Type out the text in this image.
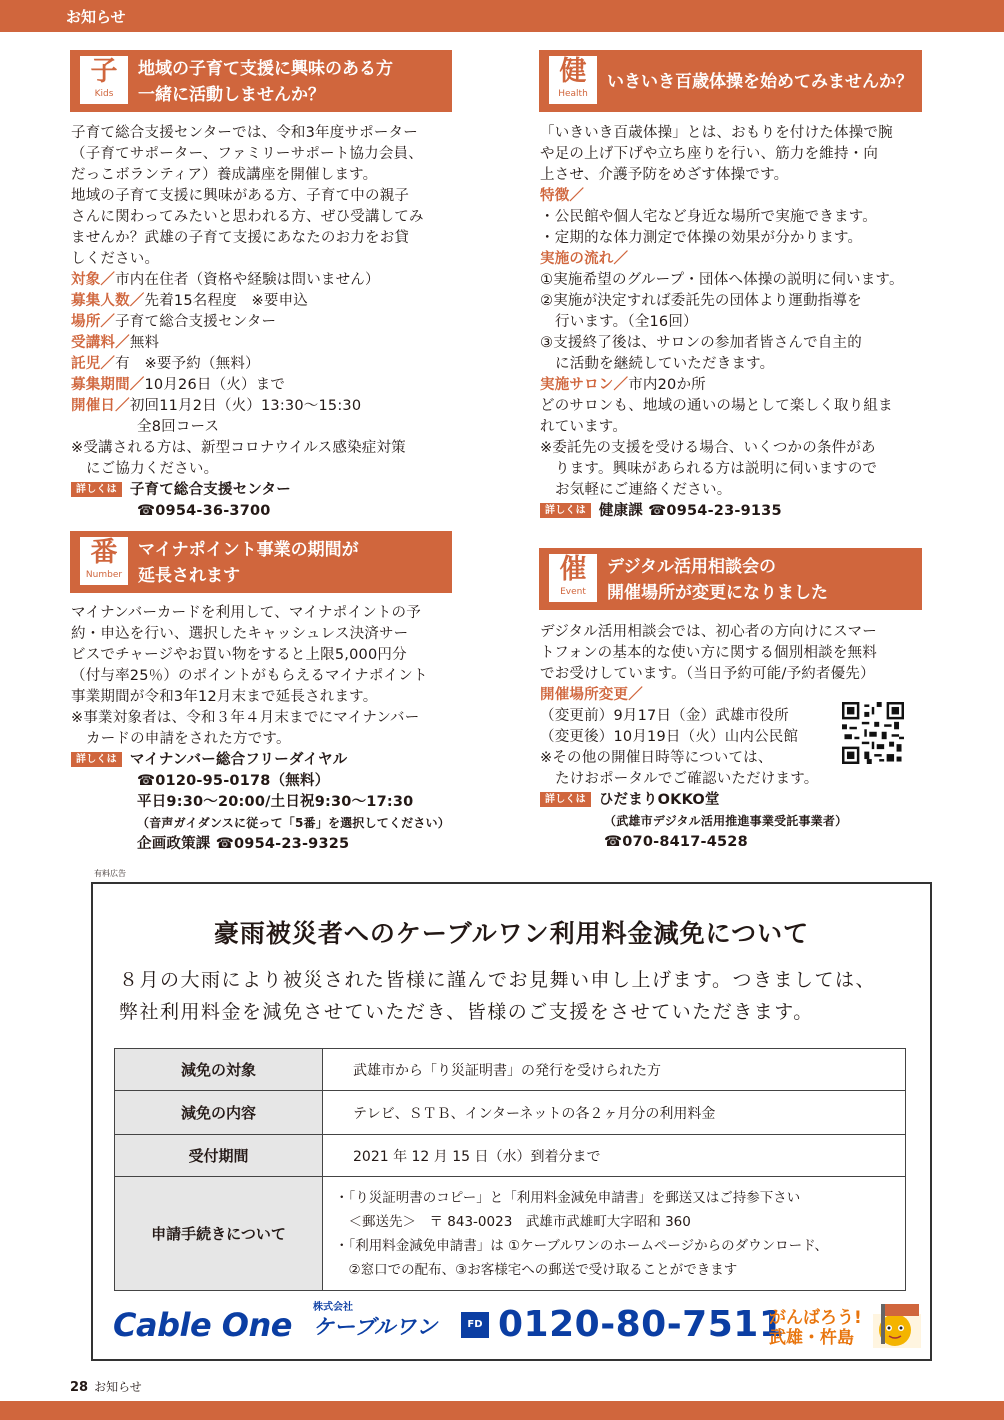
お知らせ
子
Kids

地域の子育て支援に興味のある方

一緒に活動しませんか？

子育て総合支援センターでは、令和3年度サポーター

（子育てサポーター、ファミリーサポート協力会員、

だっこボランティア）養成講座を開催します。

地域の子育て支援に興味がある方、子育て中の親子

さんに関わってみたいと思われる方、ぜひ受講してみ

ませんか？武雄の子育て支援にあなたのお力をお貸

しください。

対象／市内在住者（資格や経験は問いません）

募集人数／先着15名程度　※要申込

場所／子育て総合支援センター

受講料／無料

託児／有　※要予約（無料）

募集期間／10月26日（火）まで

開催日／初回11月2日（火）13:30～15:30

全8回コース

※受講される方は、新型コロナウイルス感染症対策

にご協力ください。

詳しくは 子育て総合支援センター

☎0954-36-3700

番
Number

マイナポイント事業の期間が

延長されます

マイナンバーカードを利用して、マイナポイントの予

約・申込を行い、選択したキャッシュレス決済サー

ビスでチャージやお買い物をすると上限5,000円分

（付与率25％）のポイントがもらえるマイナポイント

事業期間が令和3年12月末まで延長されます。

※事業対象者は、令和３年４月末までにマイナンバー

カードの申請をされた方です。

詳しくは マイナンバー総合フリーダイヤル

☎0120-95-0178（無料）

平日9:30～20:00/土日祝9:30～17:30

（音声ガイダンスに従って「5番」を選択してください）

企画政策課 ☎0954-23-9325

健
Health

いきいき百歳体操を始めてみませんか？

「いきいき百歳体操」とは、おもりを付けた体操で腕

や足の上げ下げや立ち座りを行い、筋力を維持・向

上させ、介護予防をめざす体操です。

特徴／

・公民館や個人宅など身近な場所で実施できます。

・定期的な体力測定で体操の効果が分かります。

実施の流れ／

①実施希望のグループ・団体へ体操の説明に伺います。

②実施が決定すれば委託先の団体より運動指導を

行います。（全16回）

③支援終了後は、サロンの参加者皆さんで自主的

に活動を継続していただきます。

実施サロン／市内20か所

どのサロンも、地域の通いの場として楽しく取り組ま

れています。

※委託先の支援を受ける場合、いくつかの条件があ

ります。興味があられる方は説明に伺いますので

お気軽にご連絡ください。

詳しくは 健康課 ☎0954-23-9135

催
Event

デジタル活用相談会の

開催場所が変更になりました

デジタル活用相談会では、初心者の方向けにスマー

トフォンの基本的な使い方に関する個別相談を無料

でお受けしています。（当日予約可能/予約者優先）

開催場所変更／

（変更前）9月17日（金）武雄市役所

（変更後）10月19日（火）山内公民館

※その他の開催日時等については、

たけおポータルでご確認いただけます。

詳しくは ひだまりOKKO堂

（武雄市デジタル活用推進事業受託事業者）

☎070-8417-4528

有料広告
豪雨被災者へのケーブルワン利用料金減免について

８月の大雨により被災された皆様に謹んでお見舞い申し上げます。つきましては、

弊社利用料金を減免させていただき、皆様のご支援をさせていただきます。

減免の対象	武雄市から「り災証明書」の発行を受けられた方
減免の内容	テレビ、ＳＴＢ、インターネットの各２ヶ月分の利用料金
受付期間	2021 年 12 月 15 日（水）到着分まで
申請手続きについて	・「り災証明書のコピー」と「利用料金減免申請書」を郵送又はご持参下さい

　＜郵送先＞　〒 843-0023　武雄市武雄町大字昭和 360

・「利用料金減免申請書」は ①ケーブルワンのホームページからのダウンロード、

　②窓口での配布、③お客様宅への郵送で受け取ることができます

Cable One 株式会社
ケーブルワン	FD 0120-80-7511

がんばろう!

武雄・杵島

28 お知らせ
